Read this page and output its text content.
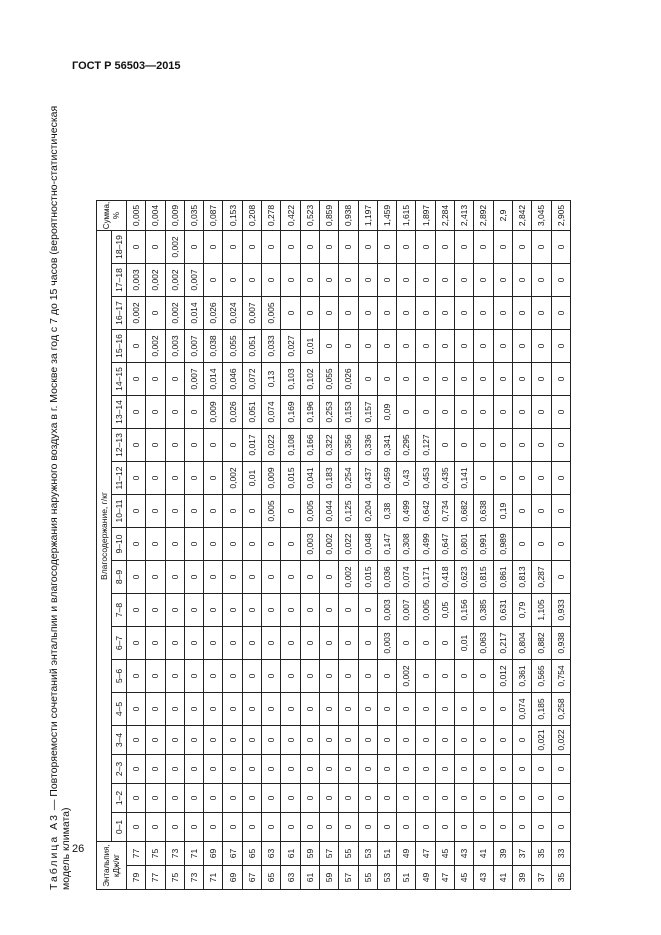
ГОСТ Р 56503—2015
Таблица А3 — Повторяемости сочетаний энтальпии и влагосодержания наружного воздуха в г. Москве за год с 7 до 15 часов (вероятностно-статистическая модель климата)	Энтальпия, кДж/кг		Влагосодержание, г/кг																			Сумма, %
		0–1	1–2	2–3	3–4	4–5	5–6	6–7	7–8	8–9	9–10	10–11	11–12	12–13	13–14	14–15	15–16	16–17	17–18	18–19	
79	77	0	0	0	0	0	0	0	0	0	0	0	0	0	0	0	0	0,002	0,003	0	0,005
77	75	0	0	0	0	0	0	0	0	0	0	0	0	0	0	0	0,002	0	0,002	0	0,004
75	73	0	0	0	0	0	0	0	0	0	0	0	0	0	0	0	0,003	0,002	0,002	0,002	0,009
73	71	0	0	0	0	0	0	0	0	0	0	0	0	0	0	0,007	0,007	0,014	0,007	0	0,035
71	69	0	0	0	0	0	0	0	0	0	0	0	0	0	0,009	0,014	0,038	0,026	0	0	0,087
69	67	0	0	0	0	0	0	0	0	0	0	0	0,002	0	0,026	0,046	0,055	0,024	0	0	0,153
67	65	0	0	0	0	0	0	0	0	0	0	0	0,01	0,017	0,051	0,072	0,051	0,007	0	0	0,208
65	63	0	0	0	0	0	0	0	0	0	0	0,005	0,009	0,022	0,074	0,13	0,033	0,005	0	0	0,278
63	61	0	0	0	0	0	0	0	0	0	0	0	0,015	0,108	0,169	0,103	0,027	0	0	0	0,422
61	59	0	0	0	0	0	0	0	0	0	0,003	0,005	0,041	0,166	0,196	0,102	0,01	0	0	0	0,523
59	57	0	0	0	0	0	0	0	0	0	0,002	0,044	0,183	0,322	0,253	0,055	0	0	0	0	0,859
57	55	0	0	0	0	0	0	0	0	0,002	0,022	0,125	0,254	0,356	0,153	0,026	0	0	0	0	0,938
55	53	0	0	0	0	0	0	0	0	0,015	0,048	0,204	0,437	0,336	0,157	0	0	0	0	0	1,197
53	51	0	0	0	0	0	0	0,003	0,003	0,036	0,147	0,38	0,459	0,341	0,09	0	0	0	0	0	1,459
51	49	0	0	0	0	0	0,002	0	0,007	0,074	0,308	0,499	0,43	0,295	0	0	0	0	0	0	1,615
49	47	0	0	0	0	0	0	0	0,005	0,171	0,499	0,642	0,453	0,127	0	0	0	0	0	0	1,897
47	45	0	0	0	0	0	0	0	0,05	0,418	0,647	0,734	0,435	0	0	0	0	0	0	0	2,284
45	43	0	0	0	0	0	0	0,01	0,156	0,623	0,801	0,682	0,141	0	0	0	0	0	0	0	2,413
43	41	0	0	0	0	0	0	0,063	0,385	0,815	0,991	0,638	0	0	0	0	0	0	0	0	2,892
41	39	0	0	0	0	0	0,012	0,217	0,631	0,861	0,989	0,19	0	0	0	0	0	0	0	0	2,9
39	37	0	0	0	0	0,074	0,361	0,804	0,79	0,813	0	0	0	0	0	0	0	0	0	0	2,842
37	35	0	0	0	0,021	0,185	0,565	0,882	1,105	0,287	0	0	0	0	0	0	0	0	0	0	3,045
35	33	0	0	0	0,022	0,258	0,754	0,938	0,933	0	0	0	0	0	0	0	0	0	0	0	2,905
26
